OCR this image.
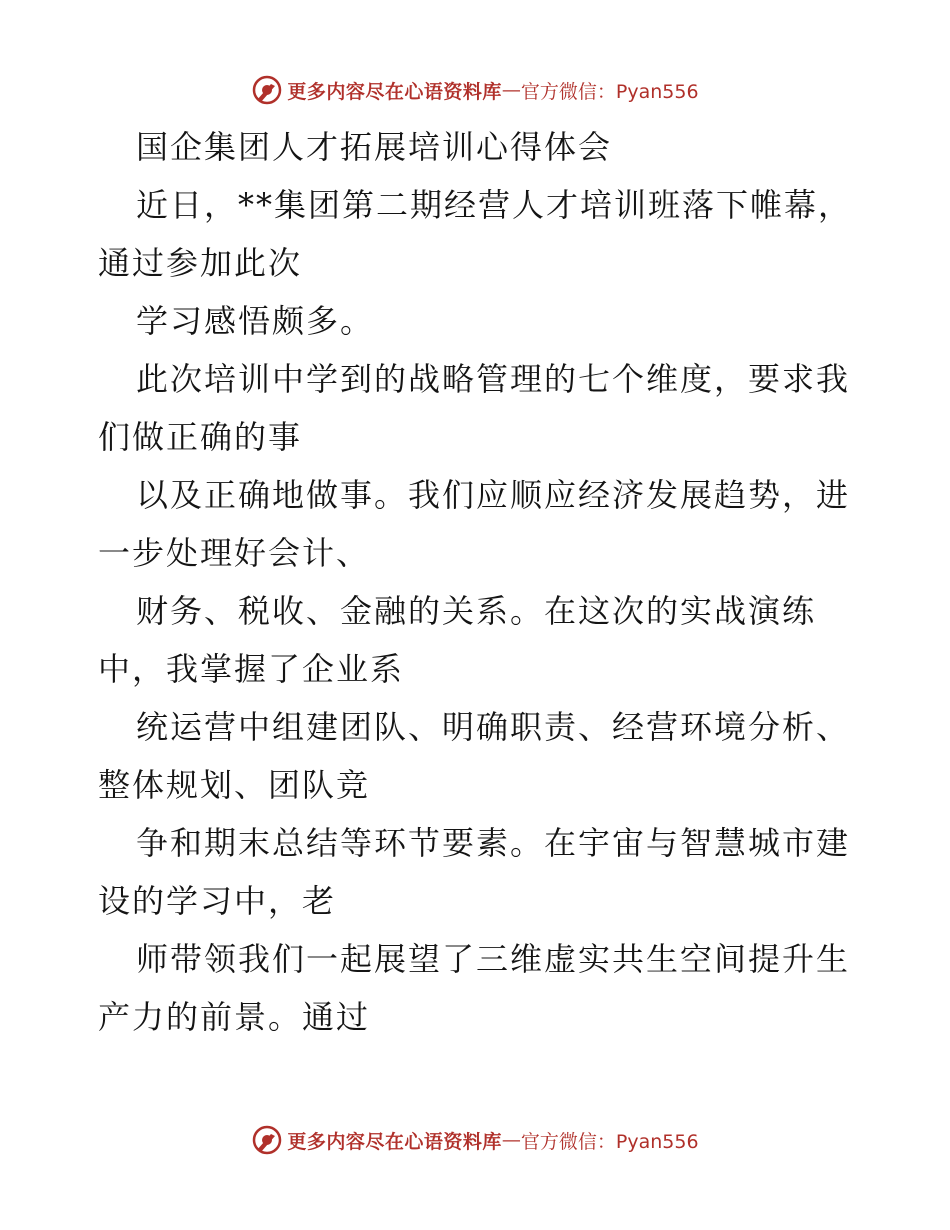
更多内容尽在心语资料库 — 官方微信：Pyan556
国企集团人才拓展培训心得体会
近日，**集团第二期经营人才培训班落下帷幕，
通过参加此次
学习感悟颇多。
此次培训中学到的战略管理的七个维度，要求我
们做正确的事
以及正确地做事。我们应顺应经济发展趋势，进
一步处理好会计、
财务、税收、金融的关系。在这次的实战演练
中，我掌握了企业系
统运营中组建团队、明确职责、经营环境分析、
整体规划、团队竞
争和期末总结等环节要素。在宇宙与智慧城市建
设的学习中，老
师带领我们一起展望了三维虚实共生空间提升生
产力的前景。通过
更多内容尽在心语资料库 — 官方微信：Pyan556
